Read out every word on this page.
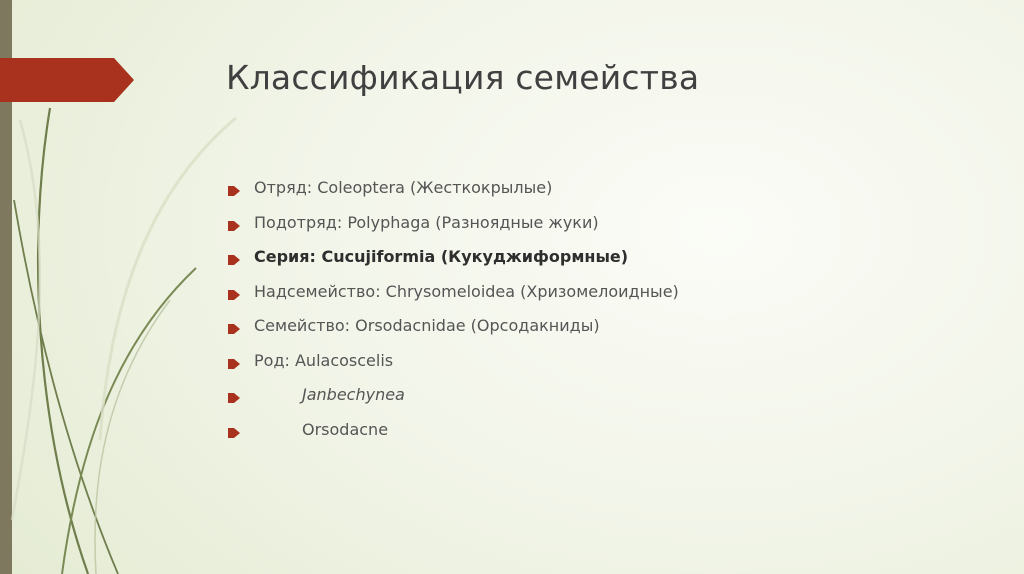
Классификация семейства
Отряд: Coleoptera (Жесткокрылые)
Подотряд: Polyphaga (Разноядные жуки)
Серия: Cucujiformia (Кукуджиформные)
Надсемейство: Chrysomeloidea (Хризомелоидные)
Семейство: Orsodacnidae (Орсодакниды)
Род: Aulacoscelis
Janbechynea
Orsodacne
